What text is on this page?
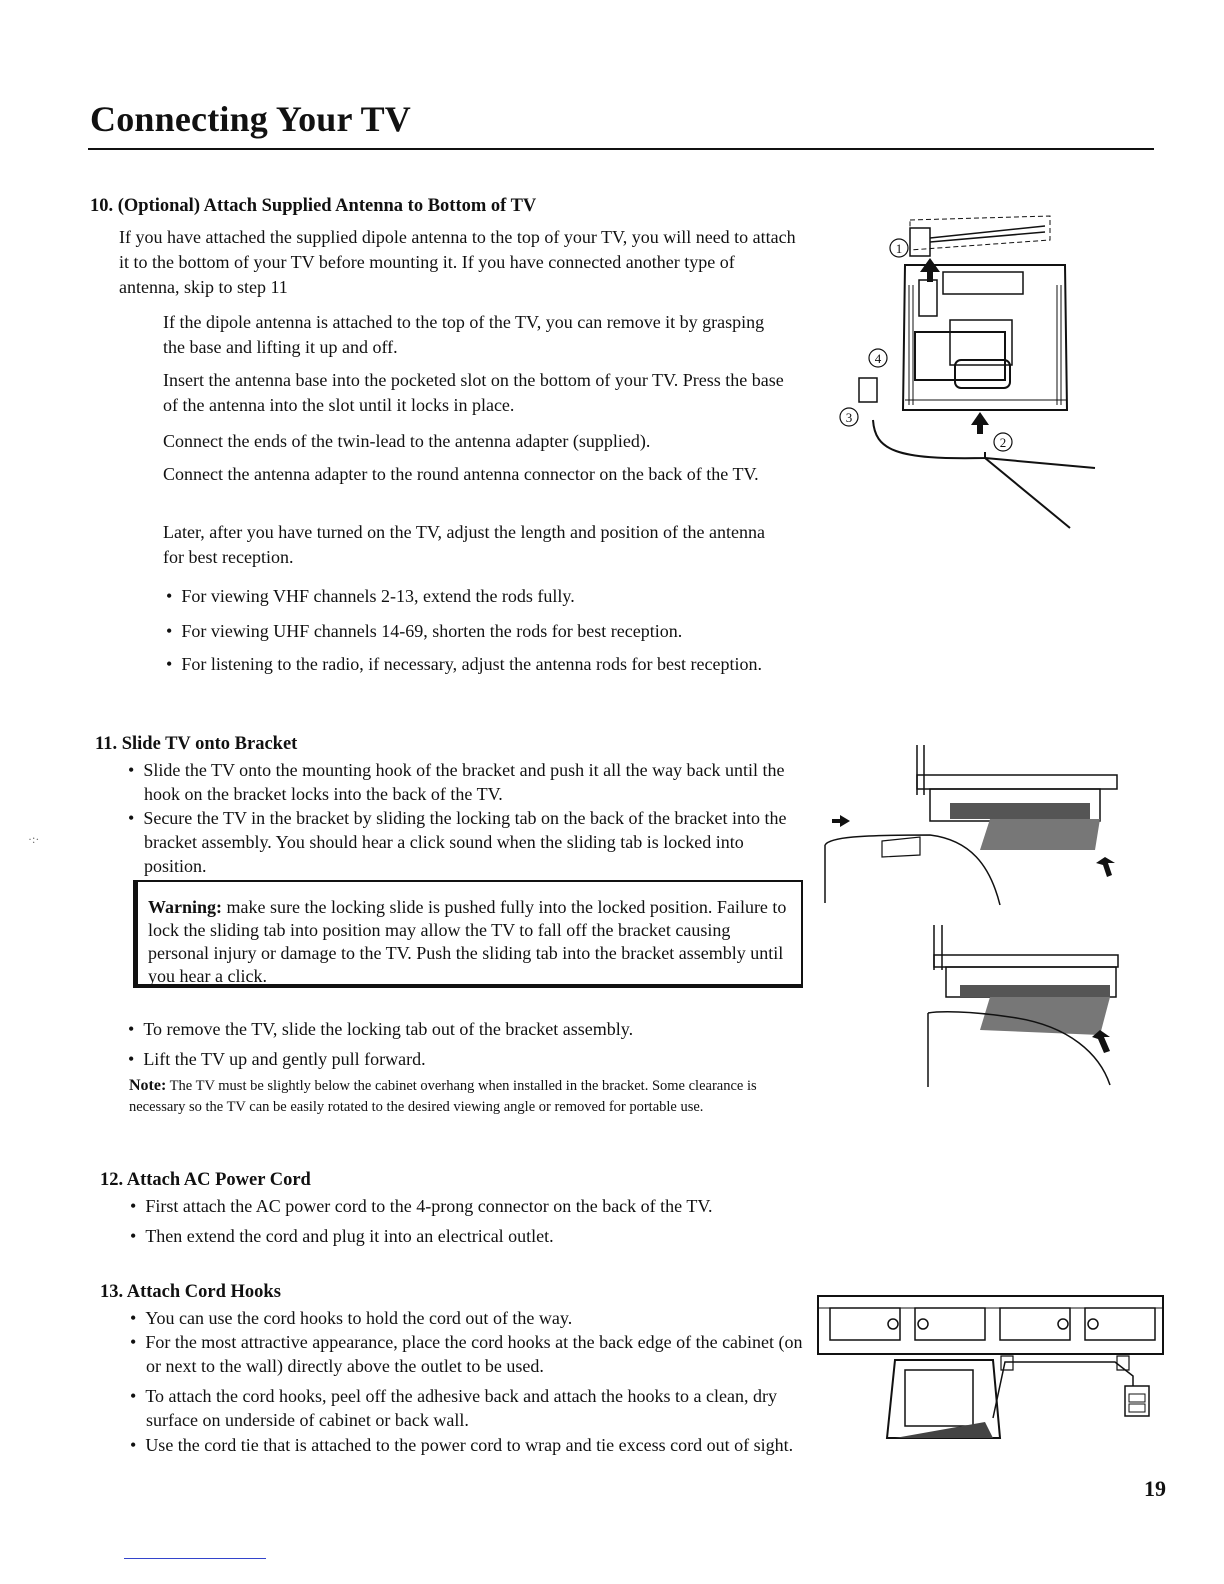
Connecting Your TV
10. (Optional) Attach Supplied Antenna to Bottom of TV
If you have attached the supplied dipole antenna to the top of your TV, you will need to attach it to the bottom of your TV before mounting it. If you have connected another type of antenna, skip to step 11
If the dipole antenna is attached to the top of the TV, you can remove it by grasping the base and lifting it up and off.
Insert the antenna base into the pocketed slot on the bottom of your TV. Press the base of the antenna into the slot until it locks in place.
Connect the ends of the twin-lead to the antenna adapter (supplied).
Connect the antenna adapter to the round antenna connector on the back of the TV.
Later, after you have turned on the TV, adjust the length and position of the antenna for best reception.
•  For viewing VHF channels 2-13, extend the rods fully.
•  For viewing UHF channels 14-69, shorten the rods for best reception.
•  For listening to the radio, if necessary, adjust the antenna rods for best reception.
1
2
3
4
11. Slide TV onto Bracket
•  Slide the TV onto the mounting hook of the bracket and push it all the way back until the hook on the bracket locks into the back of the TV.
•  Secure the TV in the bracket by sliding the locking tab on the back of the bracket into the bracket assembly. You should hear a click sound when the sliding tab is locked into position.
Warning: make sure the locking slide is pushed fully into the locked position. Failure to lock the sliding tab into position may allow the TV to fall off the bracket causing personal injury or damage to the TV. Push the sliding tab into the bracket assembly until you hear a click.
•  To remove the TV, slide the locking tab out of the bracket assembly.
•  Lift the TV up and gently pull forward.
Note: The TV must be slightly below the cabinet overhang when installed in the bracket. Some clearance is necessary so the TV can be easily rotated to the desired viewing angle or removed for portable use.
12. Attach AC Power Cord
•  First attach the AC power cord to the 4-prong connector on the back of the TV.
•  Then extend the cord and plug it into an electrical outlet.
13. Attach Cord Hooks
•  You can use the cord hooks to hold the cord out of the way.
•  For the most attractive appearance, place the cord hooks at the back edge of the cabinet (on or next to the wall) directly above the outlet to be used.
•  To attach the cord hooks, peel off the adhesive back and attach the hooks to a clean, dry surface on underside of cabinet or back wall.
•  Use the cord tie that is attached to the power cord to wrap and tie excess cord out of sight.
19
·:·
